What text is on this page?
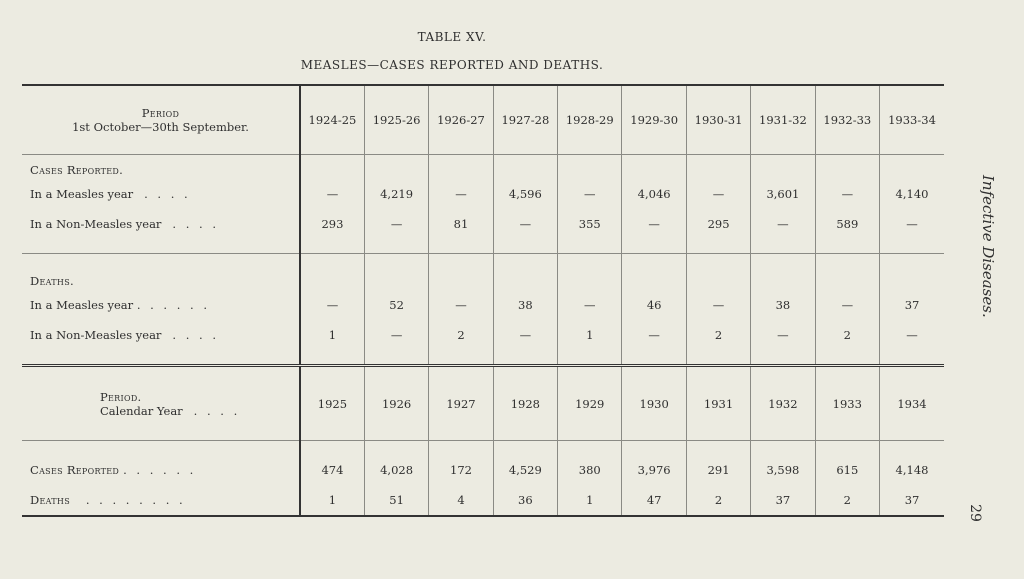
TABLE XV.
MEASLES—CASES REPORTED AND DEATHS.
Infective Diseases.
29
Period
1st October—30th September.	1924-25	1925-26	1926-27	1927-28	1928-29	1929-30	1930-31	1931-32	1932-33	1933-34
Cases Reported.										
In a Measles year . . . .	—	4,219	—	4,596	—	4,046	—	3,601	—	4,140
In a Non-Measles year . . . .	293	—	81	—	355	—	295	—	589	—

Deaths.										
In a Measles year . . . . . .	—	52	—	38	—	46	—	38	—	37
In a Non-Measles year . . . .	1	—	2	—	1	—	2	—	2	—

Period.
Calendar Year . . . .	1925	1926	1927	1928	1929	1930	1931	1932	1933	1934

Cases Reported . . . . . .	474	4,028	172	4,529	380	3,976	291	3,598	615	4,148
Deaths . . . . . . . .	1	51	4	36	1	47	2	37	2	37
